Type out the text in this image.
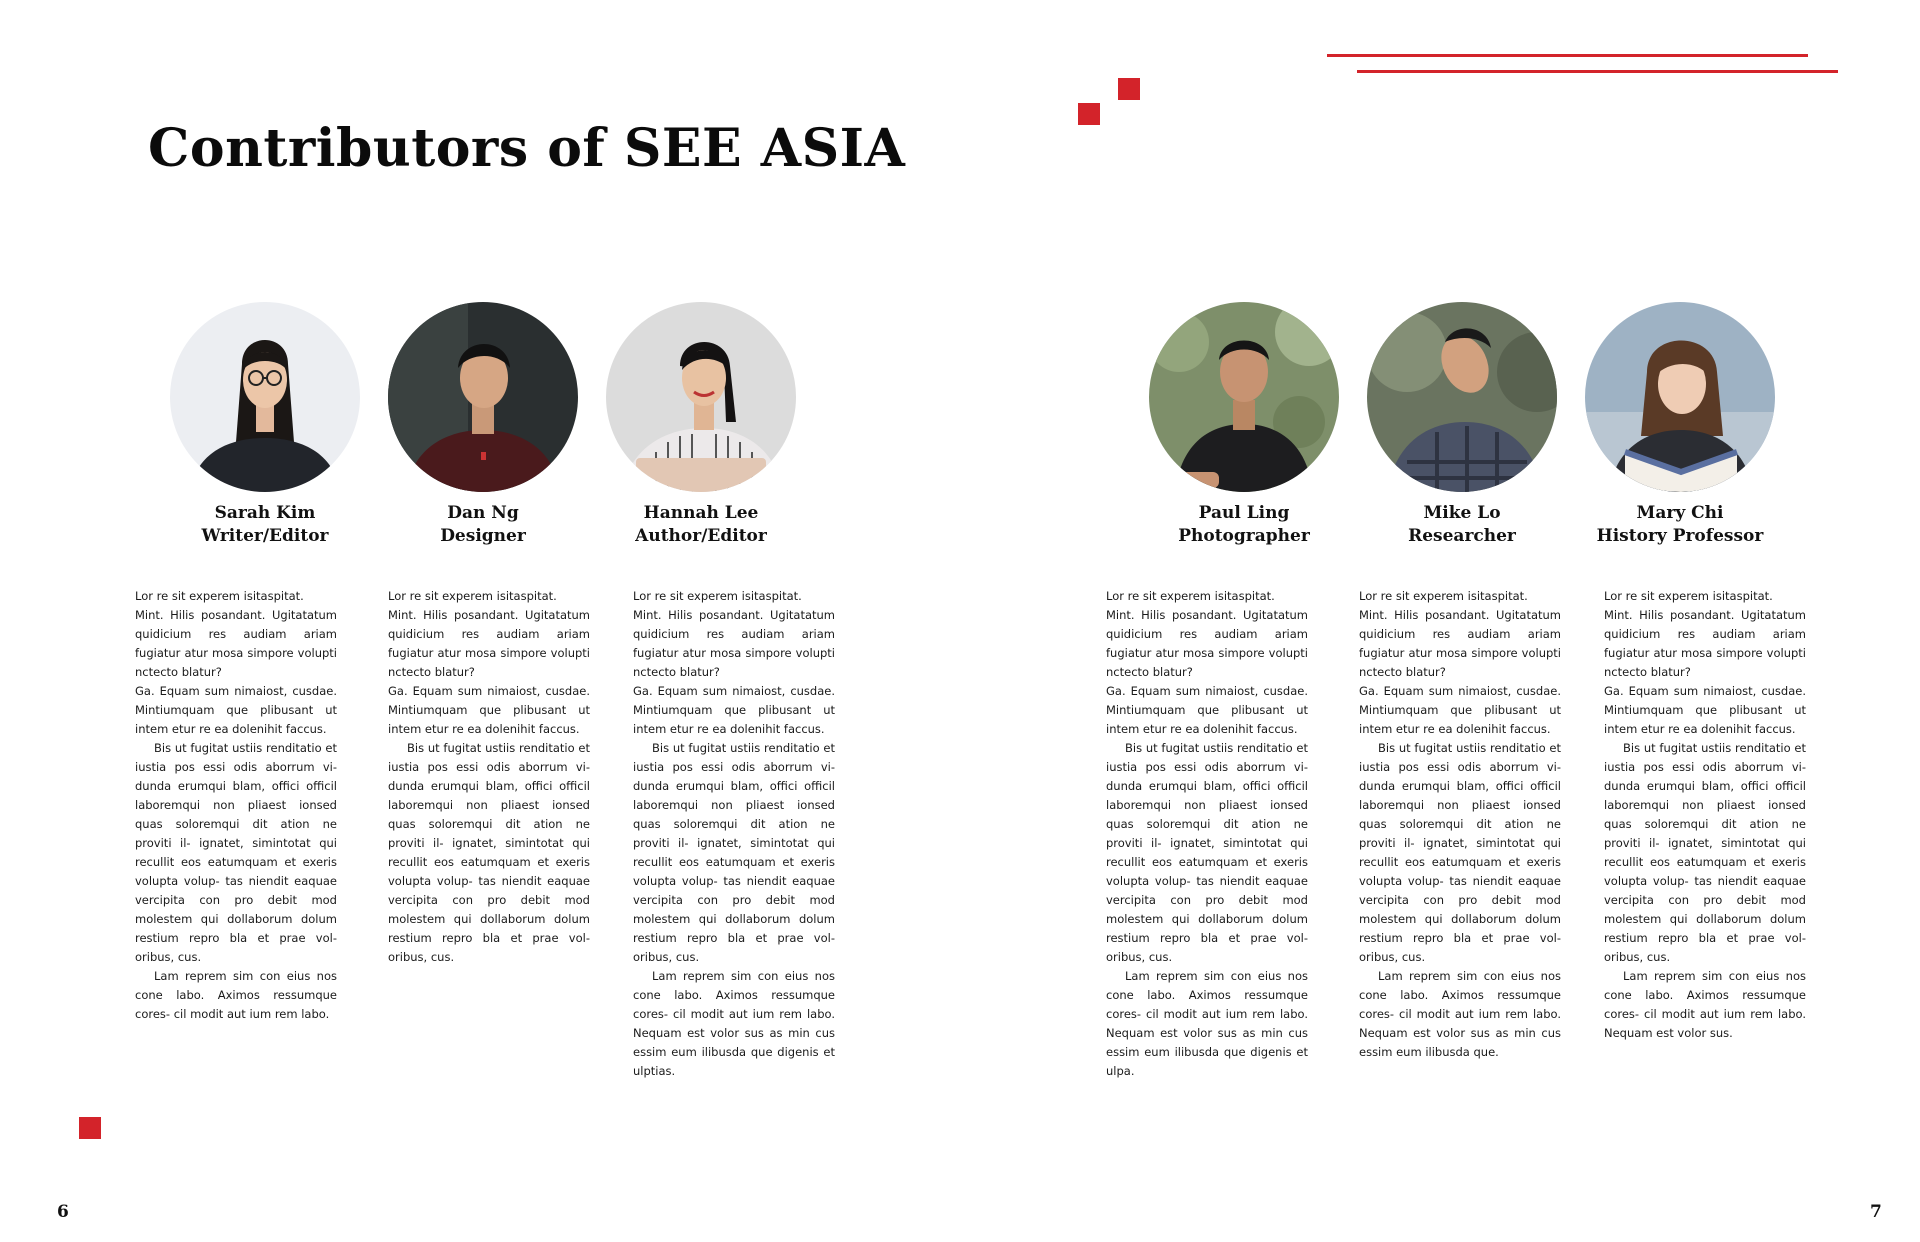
Contributors of SEE ASIA
Sarah Kim
Writer/Editor
Dan Ng
Designer
Hannah Lee
Author/Editor
Paul Ling
Photographer
Mike Lo
Researcher
Mary Chi
History Professor

Lor re sit experem isitaspitat.

Mint. Hilis posandant. Ugitatatum quidicium res audiam ariam fugiatur atur mosa simpore volupti nctecto blatur?

Ga. Equam sum nimaiost, cusdae. Mintiumquam que plibusant ut intem etur re ea dolenihit faccus.

Bis ut fugitat ustiis renditatio et iustia pos essi odis aborrum vi- dunda erumqui blam, offici officil laboremqui non pliaest ionsed quas soloremqui dit ation ne proviti il- ignatet, simintotat qui recullit eos eatumquam et exeris volupta volup- tas niendit eaquae vercipita con pro debit mod molestem qui dollaborum dolum restium repro bla et prae vol- oribus, cus.

Lam reprem sim con eius nos cone labo. Aximos ressumque cores- cil modit aut ium rem labo.

Lor re sit experem isitaspitat.

Mint. Hilis posandant. Ugitatatum quidicium res audiam ariam fugiatur atur mosa simpore volupti nctecto blatur?

Ga. Equam sum nimaiost, cusdae. Mintiumquam que plibusant ut intem etur re ea dolenihit faccus.

Bis ut fugitat ustiis renditatio et iustia pos essi odis aborrum vi- dunda erumqui blam, offici officil laboremqui non pliaest ionsed quas soloremqui dit ation ne proviti il- ignatet, simintotat qui recullit eos eatumquam et exeris volupta volup- tas niendit eaquae vercipita con pro debit mod molestem qui dollaborum dolum restium repro bla et prae vol- oribus, cus.

Lor re sit experem isitaspitat.

Mint. Hilis posandant. Ugitatatum quidicium res audiam ariam fugiatur atur mosa simpore volupti nctecto blatur?

Ga. Equam sum nimaiost, cusdae. Mintiumquam que plibusant ut intem etur re ea dolenihit faccus.

Bis ut fugitat ustiis renditatio et iustia pos essi odis aborrum vi- dunda erumqui blam, offici officil laboremqui non pliaest ionsed quas soloremqui dit ation ne proviti il- ignatet, simintotat qui recullit eos eatumquam et exeris volupta volup- tas niendit eaquae vercipita con pro debit mod molestem qui dollaborum dolum restium repro bla et prae vol- oribus, cus.

Lam reprem sim con eius nos cone labo. Aximos ressumque cores- cil modit aut ium rem labo. Nequam est volor sus as min cus essim eum ilibusda que digenis et ulptias.

Lor re sit experem isitaspitat.

Mint. Hilis posandant. Ugitatatum quidicium res audiam ariam fugiatur atur mosa simpore volupti nctecto blatur?

Ga. Equam sum nimaiost, cusdae. Mintiumquam que plibusant ut intem etur re ea dolenihit faccus.

Bis ut fugitat ustiis renditatio et iustia pos essi odis aborrum vi- dunda erumqui blam, offici officil laboremqui non pliaest ionsed quas soloremqui dit ation ne proviti il- ignatet, simintotat qui recullit eos eatumquam et exeris volupta volup- tas niendit eaquae vercipita con pro debit mod molestem qui dollaborum dolum restium repro bla et prae vol- oribus, cus.

Lam reprem sim con eius nos cone labo. Aximos ressumque cores- cil modit aut ium rem labo. Nequam est volor sus as min cus essim eum ilibusda que digenis et ulpa.

Lor re sit experem isitaspitat.

Mint. Hilis posandant. Ugitatatum quidicium res audiam ariam fugiatur atur mosa simpore volupti nctecto blatur?

Ga. Equam sum nimaiost, cusdae. Mintiumquam que plibusant ut intem etur re ea dolenihit faccus.

Bis ut fugitat ustiis renditatio et iustia pos essi odis aborrum vi- dunda erumqui blam, offici officil laboremqui non pliaest ionsed quas soloremqui dit ation ne proviti il- ignatet, simintotat qui recullit eos eatumquam et exeris volupta volup- tas niendit eaquae vercipita con pro debit mod molestem qui dollaborum dolum restium repro bla et prae vol- oribus, cus.

Lam reprem sim con eius nos cone labo. Aximos ressumque cores- cil modit aut ium rem labo. Nequam est volor sus as min cus essim eum ilibusda que.

Lor re sit experem isitaspitat.

Mint. Hilis posandant. Ugitatatum quidicium res audiam ariam fugiatur atur mosa simpore volupti nctecto blatur?

Ga. Equam sum nimaiost, cusdae. Mintiumquam que plibusant ut intem etur re ea dolenihit faccus.

Bis ut fugitat ustiis renditatio et iustia pos essi odis aborrum vi- dunda erumqui blam, offici officil laboremqui non pliaest ionsed quas soloremqui dit ation ne proviti il- ignatet, simintotat qui recullit eos eatumquam et exeris volupta volup- tas niendit eaquae vercipita con pro debit mod molestem qui dollaborum dolum restium repro bla et prae vol- oribus, cus.

Lam reprem sim con eius nos cone labo. Aximos ressumque cores- cil modit aut ium rem labo. Nequam est volor sus.

6	7
